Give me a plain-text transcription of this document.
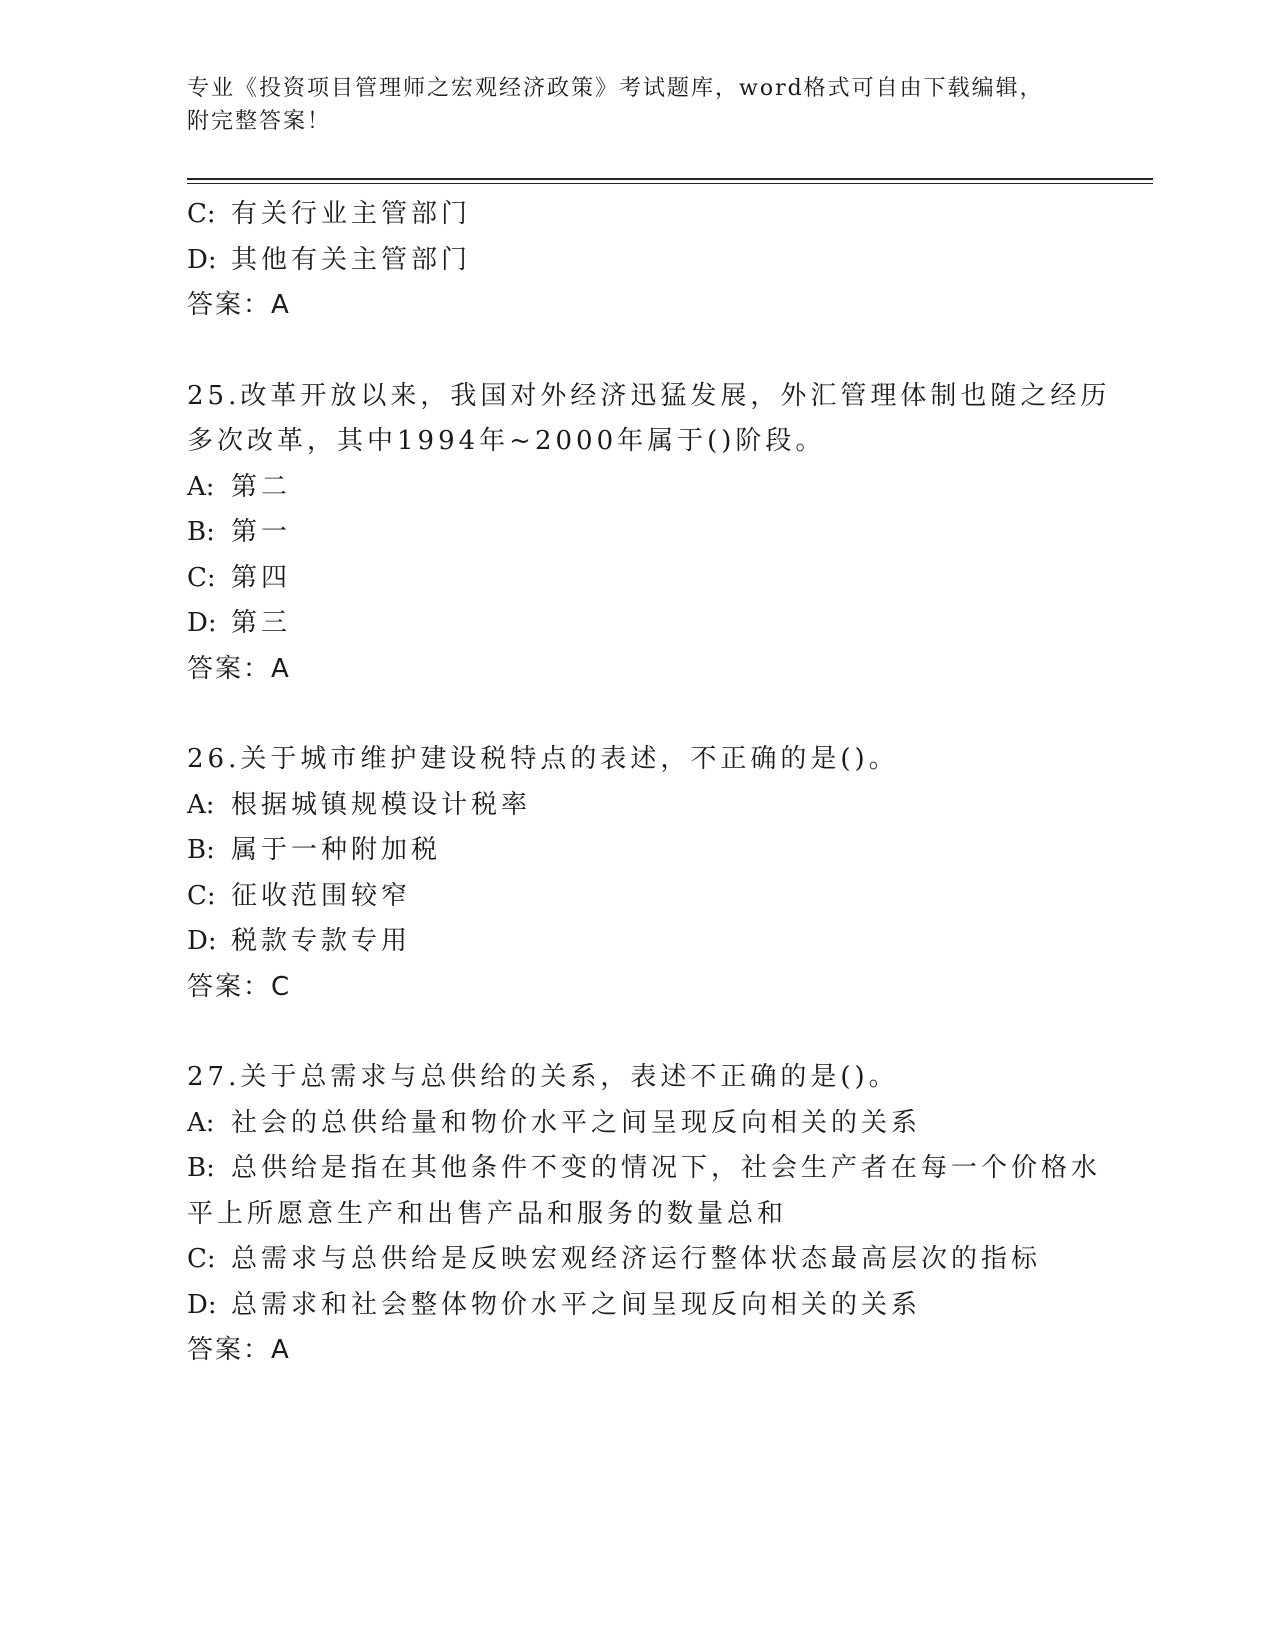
专业《投资项目管理师之宏观经济政策》考试题库，word格式可自由下载编辑，
附完整答案！
C: 有关行业主管部门
D: 其他有关主管部门
答案：A
25.改革开放以来，我国对外经济迅猛发展，外汇管理体制也随之经历
多次改革，其中1994年~2000年属于()阶段。
A: 第二
B: 第一
C: 第四
D: 第三
答案：A
26.关于城市维护建设税特点的表述，不正确的是()。
A: 根据城镇规模设计税率
B: 属于一种附加税
C: 征收范围较窄
D: 税款专款专用
答案：C
27.关于总需求与总供给的关系，表述不正确的是()。
A: 社会的总供给量和物价水平之间呈现反向相关的关系
B: 总供给是指在其他条件不变的情况下，社会生产者在每一个价格水
平上所愿意生产和出售产品和服务的数量总和
C: 总需求与总供给是反映宏观经济运行整体状态最高层次的指标
D: 总需求和社会整体物价水平之间呈现反向相关的关系
答案：A
